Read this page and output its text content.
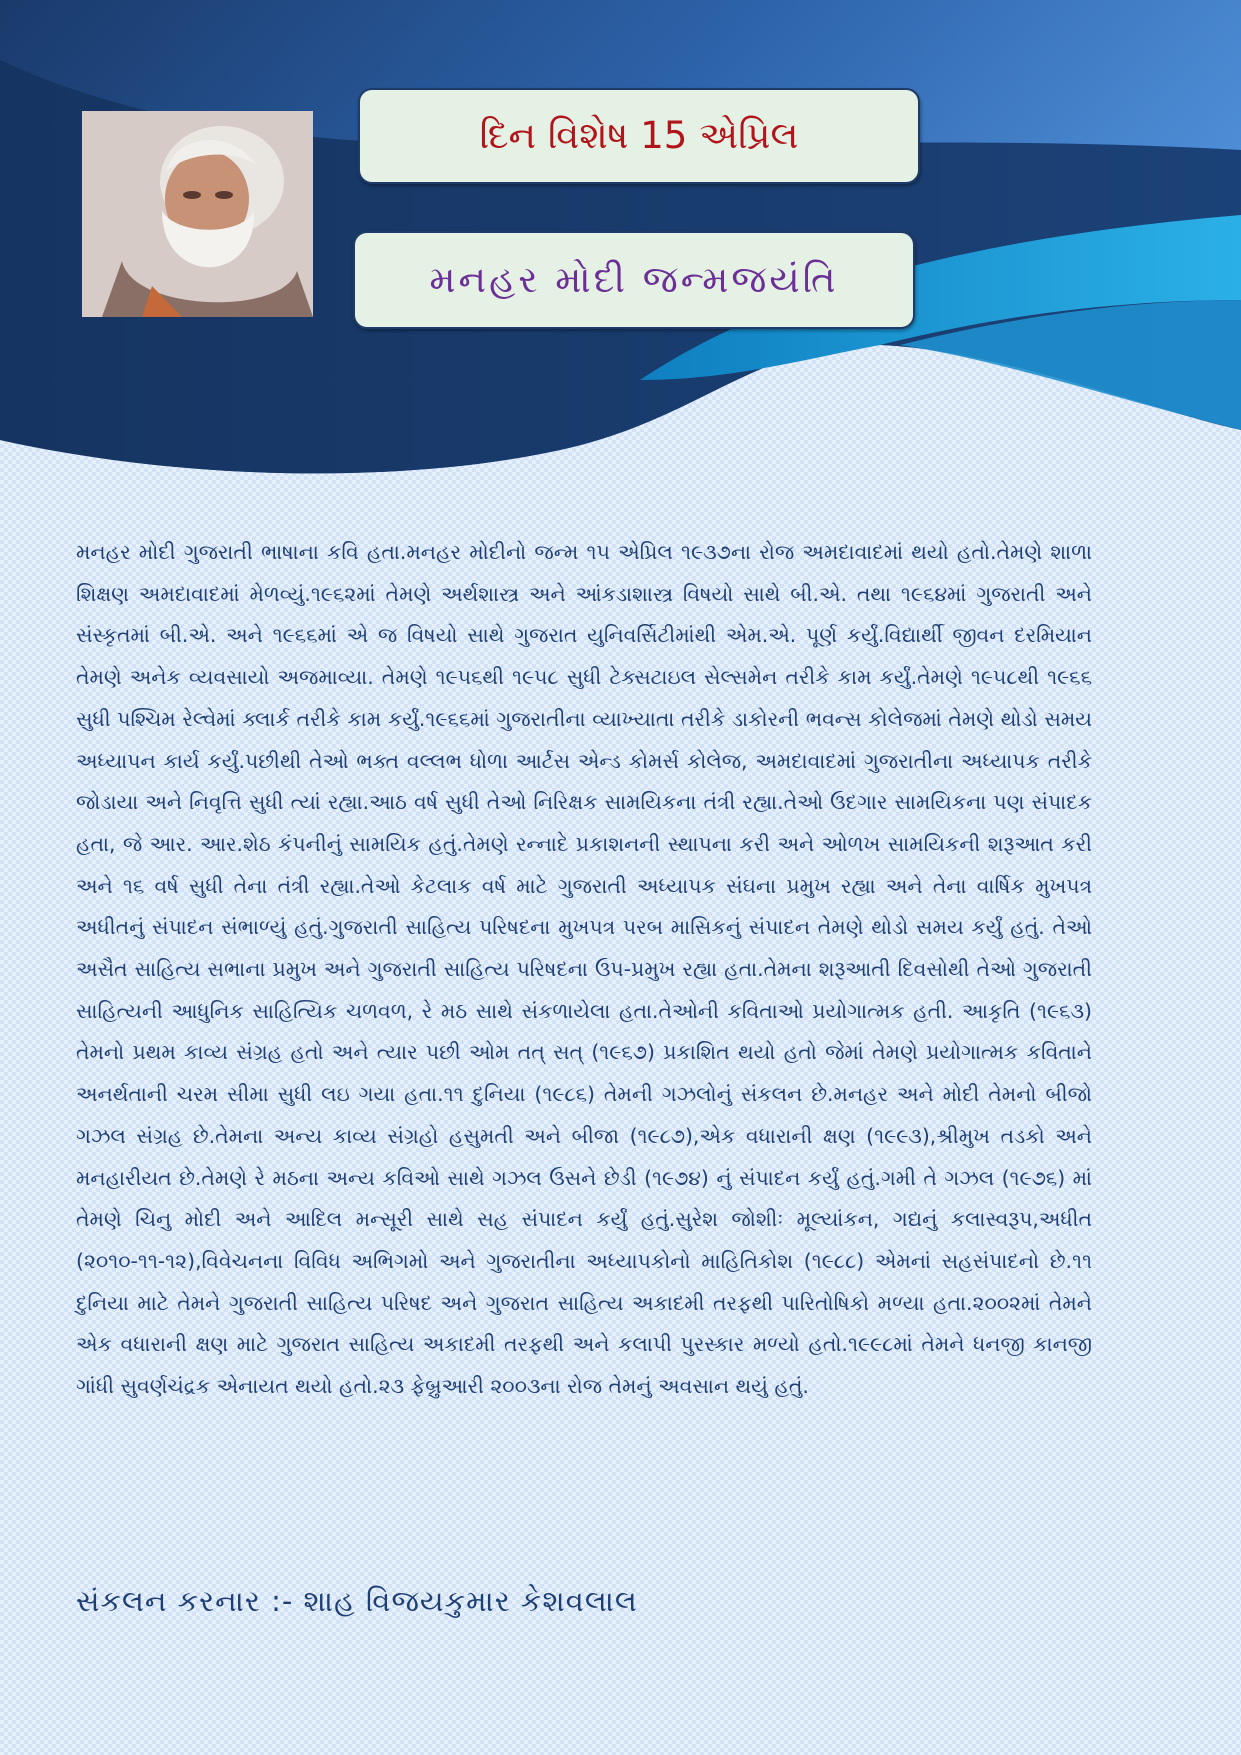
દિન વિશેષ 15 એપ્રિલ
મનહર મોદી જન્મજયંતિ

મનહર મોદી ગુજરાતી ભાષાના કવિ હતા.મનહર મોદીનો જન્મ ૧૫ એપ્રિલ ૧૯૩૭ના રોજ અમદાવાદમાં થયો હતો.તેમણે શાળા શિક્ષણ અમદાવાદમાં મેળવ્યું.૧૯૬૨માં તેમણે અર્થશાસ્ત્ર અને આંકડાશાસ્ત્ર વિષયો સાથે બી.એ. તથા ૧૯૬૪માં ગુજરાતી અને સંસ્કૃતમાં બી.એ. અને ૧૯૬૬માં એ જ વિષયો સાથે ગુજરાત યુનિવર્સિટીમાંથી એમ.એ. પૂર્ણ કર્યું.વિદ્યાર્થી જીવન દરમિયાન તેમણે અનેક વ્યવસાયો અજમાવ્યા. તેમણે ૧૯૫૬થી ૧૯૫૮ સુધી ટેક્સટાઇલ સેલ્સમેન તરીકે કામ કર્યું.તેમણે ૧૯૫૮થી ૧૯૬૬ સુધી પશ્ચિમ રેલ્વેમાં ક્લાર્ક તરીકે કામ કર્યું.૧૯૬૬માં ગુજરાતીના વ્યાખ્યાતા તરીકે ડાકોરની ભવન્સ કોલેજમાં તેમણે થોડો સમય અધ્યાપન કાર્ય કર્યું.પછીથી તેઓ ભક્ત વલ્લભ ધોળા આર્ટસ એન્ડ કોમર્સ કોલેજ, અમદાવાદમાં ગુજરાતીના અધ્યાપક તરીકે જોડાયા અને નિવૃત્તિ સુધી ત્યાં રહ્યા.આઠ વર્ષ સુધી તેઓ નિરિક્ષક સામયિકના તંત્રી રહ્યા.તેઓ ઉદગાર સામયિકના પણ સંપાદક હતા, જે આર. આર.શેઠ કંપનીનું સામયિક હતું.તેમણે રન્નાદે પ્રકાશનની સ્થાપના કરી અને ઓળખ સામયિકની શરૂઆત કરી અને ૧૬ વર્ષ સુધી તેના તંત્રી રહ્યા.તેઓ કેટલાક વર્ષ માટે ગુજરાતી અધ્યાપક સંઘના પ્રમુખ રહ્યા અને તેના વાર્ષિક મુખપત્ર અધીતનું સંપાદન સંભાળ્યું હતું.ગુજરાતી સાહિત્ય પરિષદના મુખપત્ર પરબ માસિકનું સંપાદન તેમણે થોડો સમય કર્યું હતું. તેઓ અસૈત સાહિત્ય સભાના પ્રમુખ અને ગુજરાતી સાહિત્ય પરિષદના ઉપ-પ્રમુખ રહ્યા હતા.તેમના શરૂઆતી દિવસોથી તેઓ ગુજરાતી સાહિત્યની આધુનિક સાહિત્યિક ચળવળ, રે મઠ સાથે સંકળાયેલા હતા.તેઓની કવિતાઓ પ્રયોગાત્મક હતી. આકૃતિ (૧૯૬૩) તેમનો પ્રથમ કાવ્ય સંગ્રહ હતો અને ત્યાર પછી ઓમ તત્ સત્ (૧૯૬૭) પ્રકાશિત થયો હતો જેમાં તેમણે પ્રયોગાત્મક કવિતાને અનર્થતાની ચરમ સીમા સુધી લઇ ગયા હતા.૧૧ દુનિયા (૧૯૮૬) તેમની ગઝલોનું સંકલન છે.મનહર અને મોદી તેમનો બીજો ગઝલ સંગ્રહ છે.તેમના અન્ય કાવ્ય સંગ્રહો હસુમતી અને બીજા (૧૯૮૭),એક વધારાની ક્ષણ (૧૯૯૩),શ્રીમુખ તડકો અને મનહારીયત છે.તેમણે રે મઠના અન્ય કવિઓ સાથે ગઝલ ઉસને છેડી (૧૯૭૪) નું સંપાદન કર્યું હતું.ગમી તે ગઝલ (૧૯૭૬) માં તેમણે ચિનુ મોદી અને આદિલ મન્સૂરી સાથે સહ સંપાદન કર્યું હતું.સુરેશ જોશીઃ મૂલ્યાંકન, ગદ્યનું કલાસ્વરૂપ,અધીત (૨૦૧૦-૧૧-૧૨),વિવેચનના વિવિધ અભિગમો અને ગુજરાતીના અધ્યાપકોનો માહિતિકોશ (૧૯૮૮) એમનાં સહસંપાદનો છે.૧૧ દુનિયા માટે તેમને ગુજરાતી સાહિત્ય પરિષદ અને ગુજરાત સાહિત્ય અકાદમી તરફથી પારિતોષિકો મળ્યા હતા.૨૦૦૨માં તેમને એક વધારાની ક્ષણ માટે ગુજરાત સાહિત્ય અકાદમી તરફથી અને કલાપી પુરસ્કાર મળ્યો હતો.૧૯૯૮માં તેમને ધનજી કાનજી ગાંધી સુવર્ણચંદ્રક એનાયત થયો હતો.૨૩ ફેબ્રુઆરી ૨૦૦૩ના રોજ તેમનું અવસાન થયું હતું.

સંકલન કરનાર :- શાહ વિજયકુમાર કેશવલાલ
